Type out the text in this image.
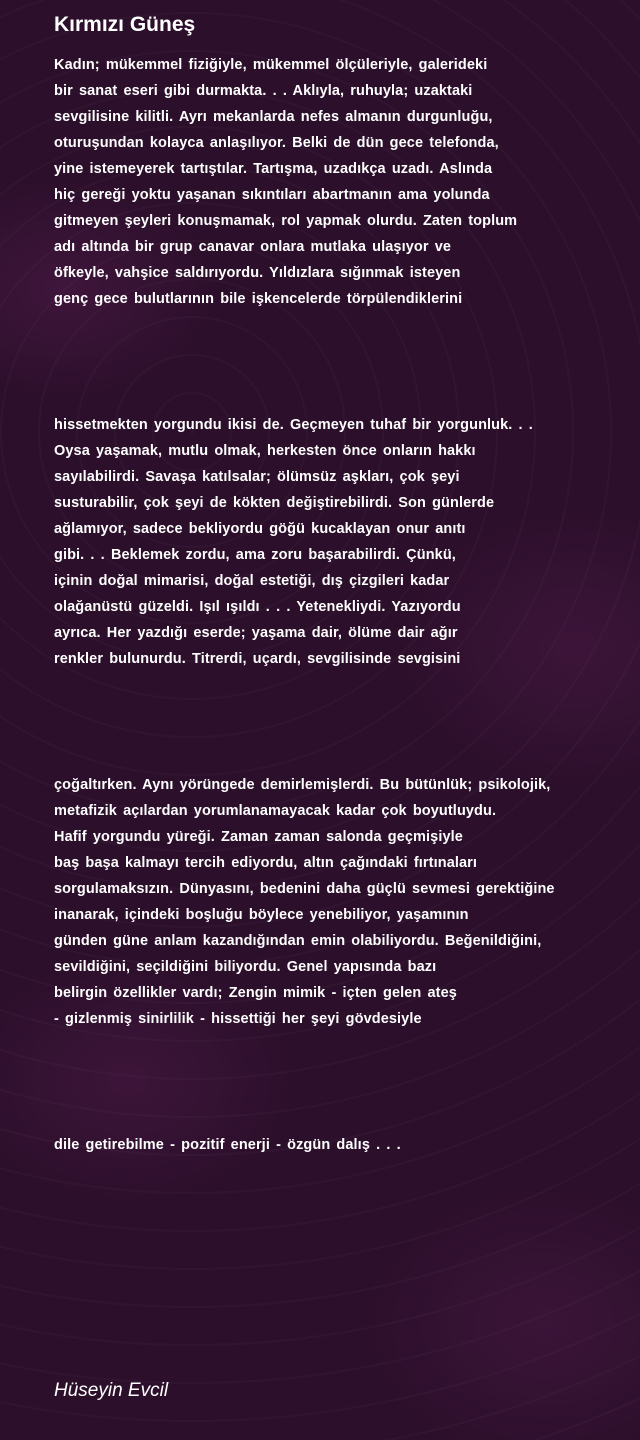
Kırmızı Güneş
Kadın; mükemmel fiziğiyle, mükemmel ölçüleriyle, galerideki
bir sanat eseri gibi durmakta. . . Aklıyla, ruhuyla; uzaktaki
sevgilisine kilitli. Ayrı mekanlarda nefes almanın durgunluğu,
oturuşundan kolayca anlaşılıyor. Belki de dün gece telefonda,
yine istemeyerek tartıştılar. Tartışma, uzadıkça uzadı. Aslında
hiç gereği yoktu yaşanan sıkıntıları abartmanın ama yolunda
gitmeyen şeyleri konuşmamak, rol yapmak olurdu. Zaten toplum
adı altında bir grup canavar onlara mutlaka ulaşıyor ve
öfkeyle, vahşice saldırıyordu. Yıldızlara sığınmak isteyen
genç gece bulutlarının bile işkencelerde törpülendiklerini
hissetmekten yorgundu ikisi de. Geçmeyen tuhaf bir yorgunluk. . .
Oysa yaşamak, mutlu olmak, herkesten önce onların hakkı
sayılabilirdi. Savaşa katılsalar; ölümsüz aşkları, çok şeyi
susturabilir, çok şeyi de kökten değiştirebilirdi. Son günlerde
ağlamıyor, sadece bekliyordu göğü kucaklayan onur anıtı
gibi. . . Beklemek zordu, ama zoru başarabilirdi. Çünkü,
içinin doğal mimarisi, doğal estetiği, dış çizgileri kadar
olağanüstü güzeldi. Işıl ışıldı . . . Yetenekliydi. Yazıyordu
ayrıca. Her yazdığı eserde; yaşama dair, ölüme dair ağır
renkler bulunurdu. Titrerdi, uçardı, sevgilisinde sevgisini
çoğaltırken. Aynı yörüngede demirlemişlerdi. Bu bütünlük; psikolojik,
metafizik açılardan yorumlanamayacak kadar çok boyutluydu.
Hafif yorgundu yüreği. Zaman zaman salonda geçmişiyle
baş başa kalmayı tercih ediyordu, altın çağındaki fırtınaları
sorgulamaksızın. Dünyasını, bedenini daha güçlü sevmesi gerektiğine
inanarak, içindeki boşluğu böylece yenebiliyor, yaşamının
günden güne anlam kazandığından emin olabiliyordu. Beğenildiğini,
sevildiğini, seçildiğini biliyordu. Genel yapısında bazı
belirgin özellikler vardı; Zengin mimik - içten gelen ateş
- gizlenmiş sinirlilik - hissettiği her şeyi gövdesiyle
dile getirebilme - pozitif enerji - özgün dalış . . .

Hüseyin Evcil
